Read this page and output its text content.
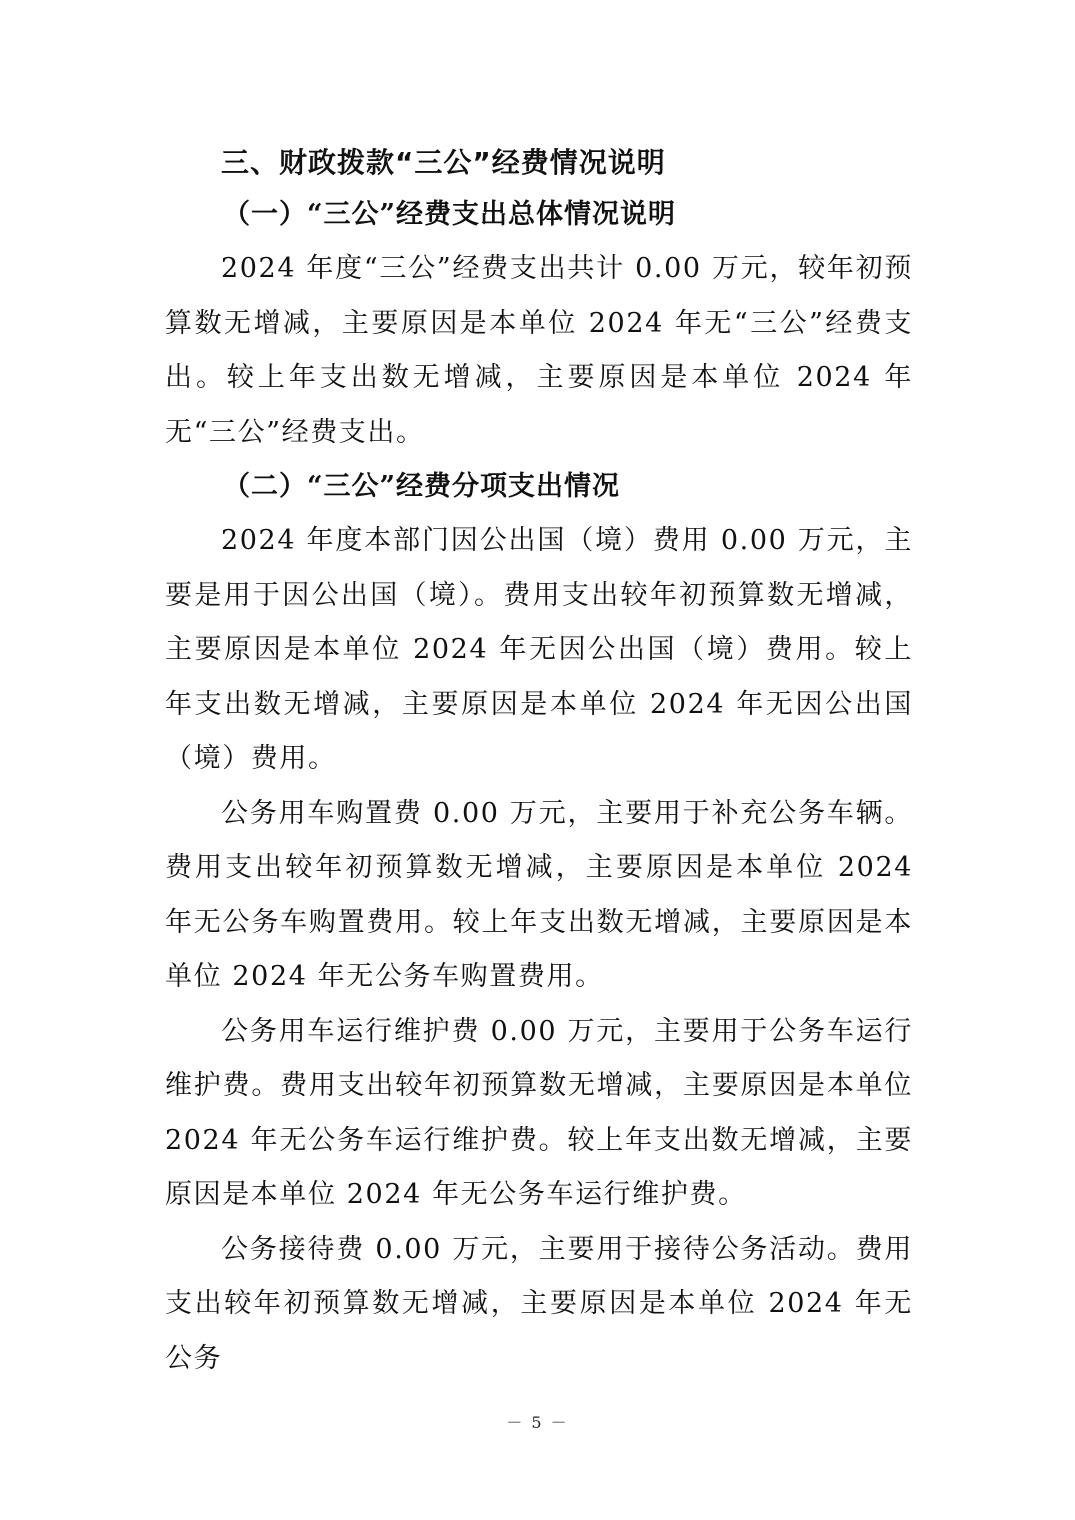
三、财政拨款“三公”经费情况说明
（一）“三公”经费支出总体情况说明

2024 年度“三公”经费支出共计 0.00 万元，较年初预算数无增减，主要原因是本单位 2024 年无“三公”经费支出。较上年支出数无增减，主要原因是本单位 2024 年无“三公”经费支出。

（二）“三公”经费分项支出情况

2024 年度本部门因公出国（境）费用 0.00 万元，主要是用于因公出国（境）。费用支出较年初预算数无增减，主要原因是本单位 2024 年无因公出国（境）费用。较上年支出数无增减，主要原因是本单位 2024 年无因公出国（境）费用。

公务用车购置费 0.00 万元，主要用于补充公务车辆。费用支出较年初预算数无增减，主要原因是本单位 2024 年无公务车购置费用。较上年支出数无增减，主要原因是本单位 2024 年无公务车购置费用。

公务用车运行维护费 0.00 万元，主要用于公务车运行维护费。费用支出较年初预算数无增减，主要原因是本单位 2024 年无公务车运行维护费。较上年支出数无增减，主要原因是本单位 2024 年无公务车运行维护费。

公务接待费 0.00 万元，主要用于接待公务活动。费用支出较年初预算数无增减，主要原因是本单位 2024 年无公务

－ 5 －
